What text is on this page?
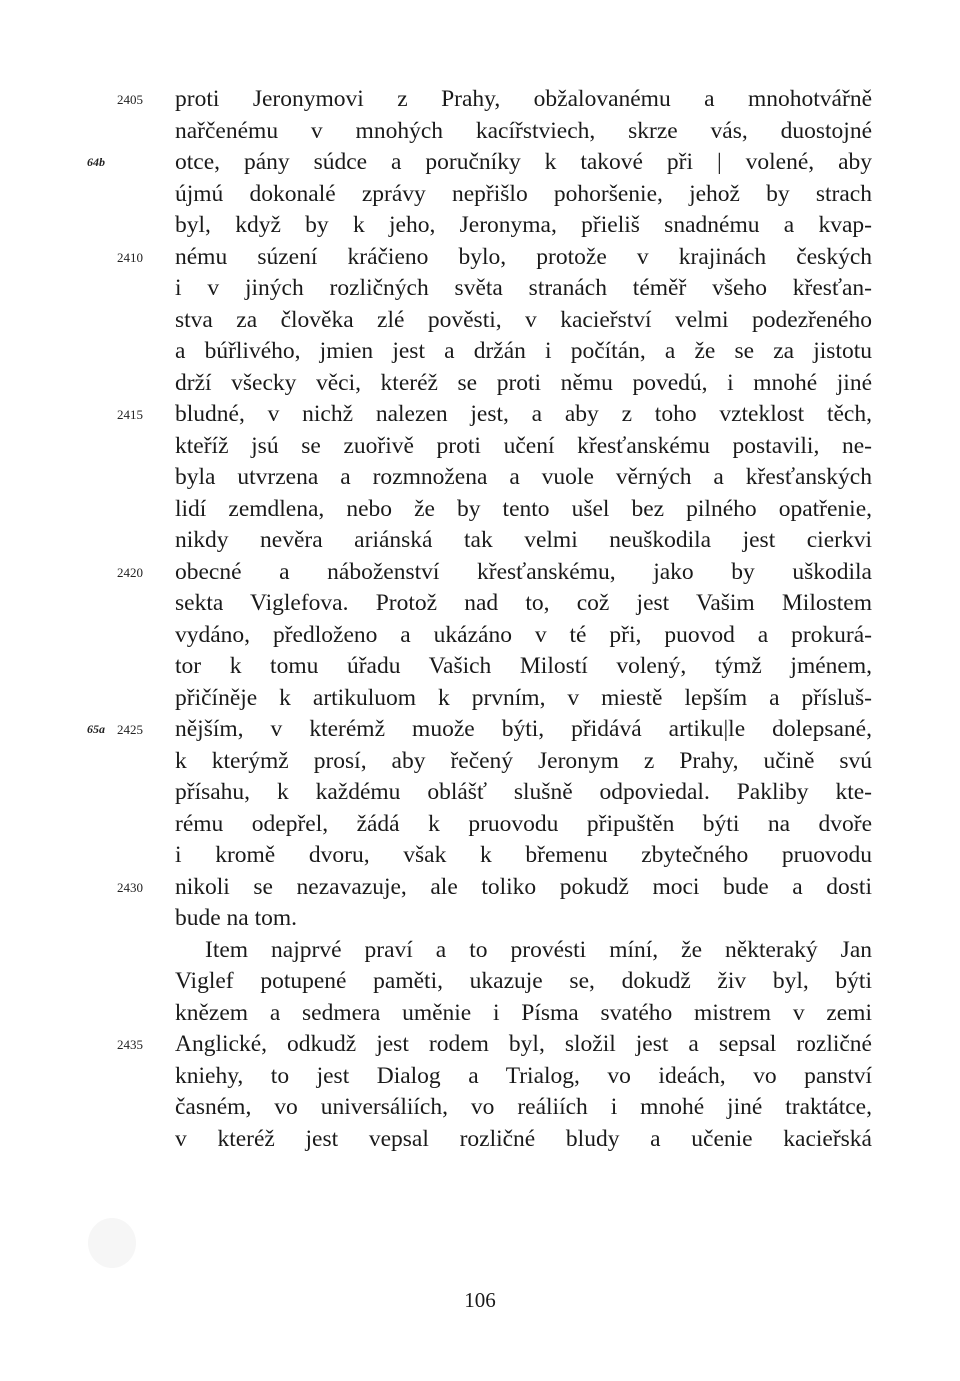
proti Jeronymovi z Prahy, obžalovanému a mnohotvářně
2405
nařčenému v mnohých kacířstviech, skrze vás, duostojné
otce, pány súdce a poručníky k takové při | volené, aby
64b
újmú dokonalé zprávy nepřišlo pohoršenie, jehož by strach
byl, když by k jeho, Jeronyma, přieliš snadnému a kvap-
nému súzení kráčieno bylo, protože v krajinách českých
2410
i v jiných rozličných světa stranách téměř všeho křesťan-
stva za člověka zlé pověsti, v kacieřství velmi podezřeného
a búřlivého, jmien jest a držán i počítán, a že se za jistotu
drží všecky věci, kteréž se proti němu povedú, i mnohé jiné
bludné, v nichž nalezen jest, a aby z toho vzteklost těch,
2415
kteříž jsú se zuořivě proti učení křesťanskému postavili, ne-
byla utvrzena a rozmnožena a vuole věrných a křesťanských
lidí zemdlena, nebo že by tento ušel bez pilného opatřenie,
nikdy nevěra ariánská tak velmi neuškodila jest cierkvi
obecné a náboženství křesťanskému, jako by uškodila
2420
sekta Viglefova. Protož nad to, což jest Vašim Milostem
vydáno, předloženo a ukázáno v té při, puovod a prokurá-
tor k tomu úřadu Vašich Milostí volený, týmž jménem,
přičíněje k artikuluom k prvním, v miestě lepším a přísluš-
nějším, v kterémž muože býti, přidává artiku|le dolepsané,
2425
65a
k kterýmž prosí, aby řečený Jeronym z Prahy, učině svú
přísahu, k každému oblášť slušně odpoviedal. Pakliby kte-
rému odepřel, žádá k pruovodu připuštěn býti na dvoře
i kromě dvoru, však k břemenu zbytečného pruovodu
nikoli se nezavazuje, ale toliko pokudž moci bude a dosti
2430
bude na tom.
Item najprvé praví a to provésti míní, že některaký Jan
Viglef potupené paměti, ukazuje se, dokudž živ byl, býti
knězem a sedmera uměnie i Písma svatého mistrem v zemi
Anglické, odkudž jest rodem byl, složil jest a sepsal rozličné
2435
kniehy, to jest Dialog a Trialog, vo ideách, vo panství
časném, vo universáliích, vo reáliích i mnohé jiné traktátce,
v kteréž jest vepsal rozličné bludy a učenie kacieřská
106
